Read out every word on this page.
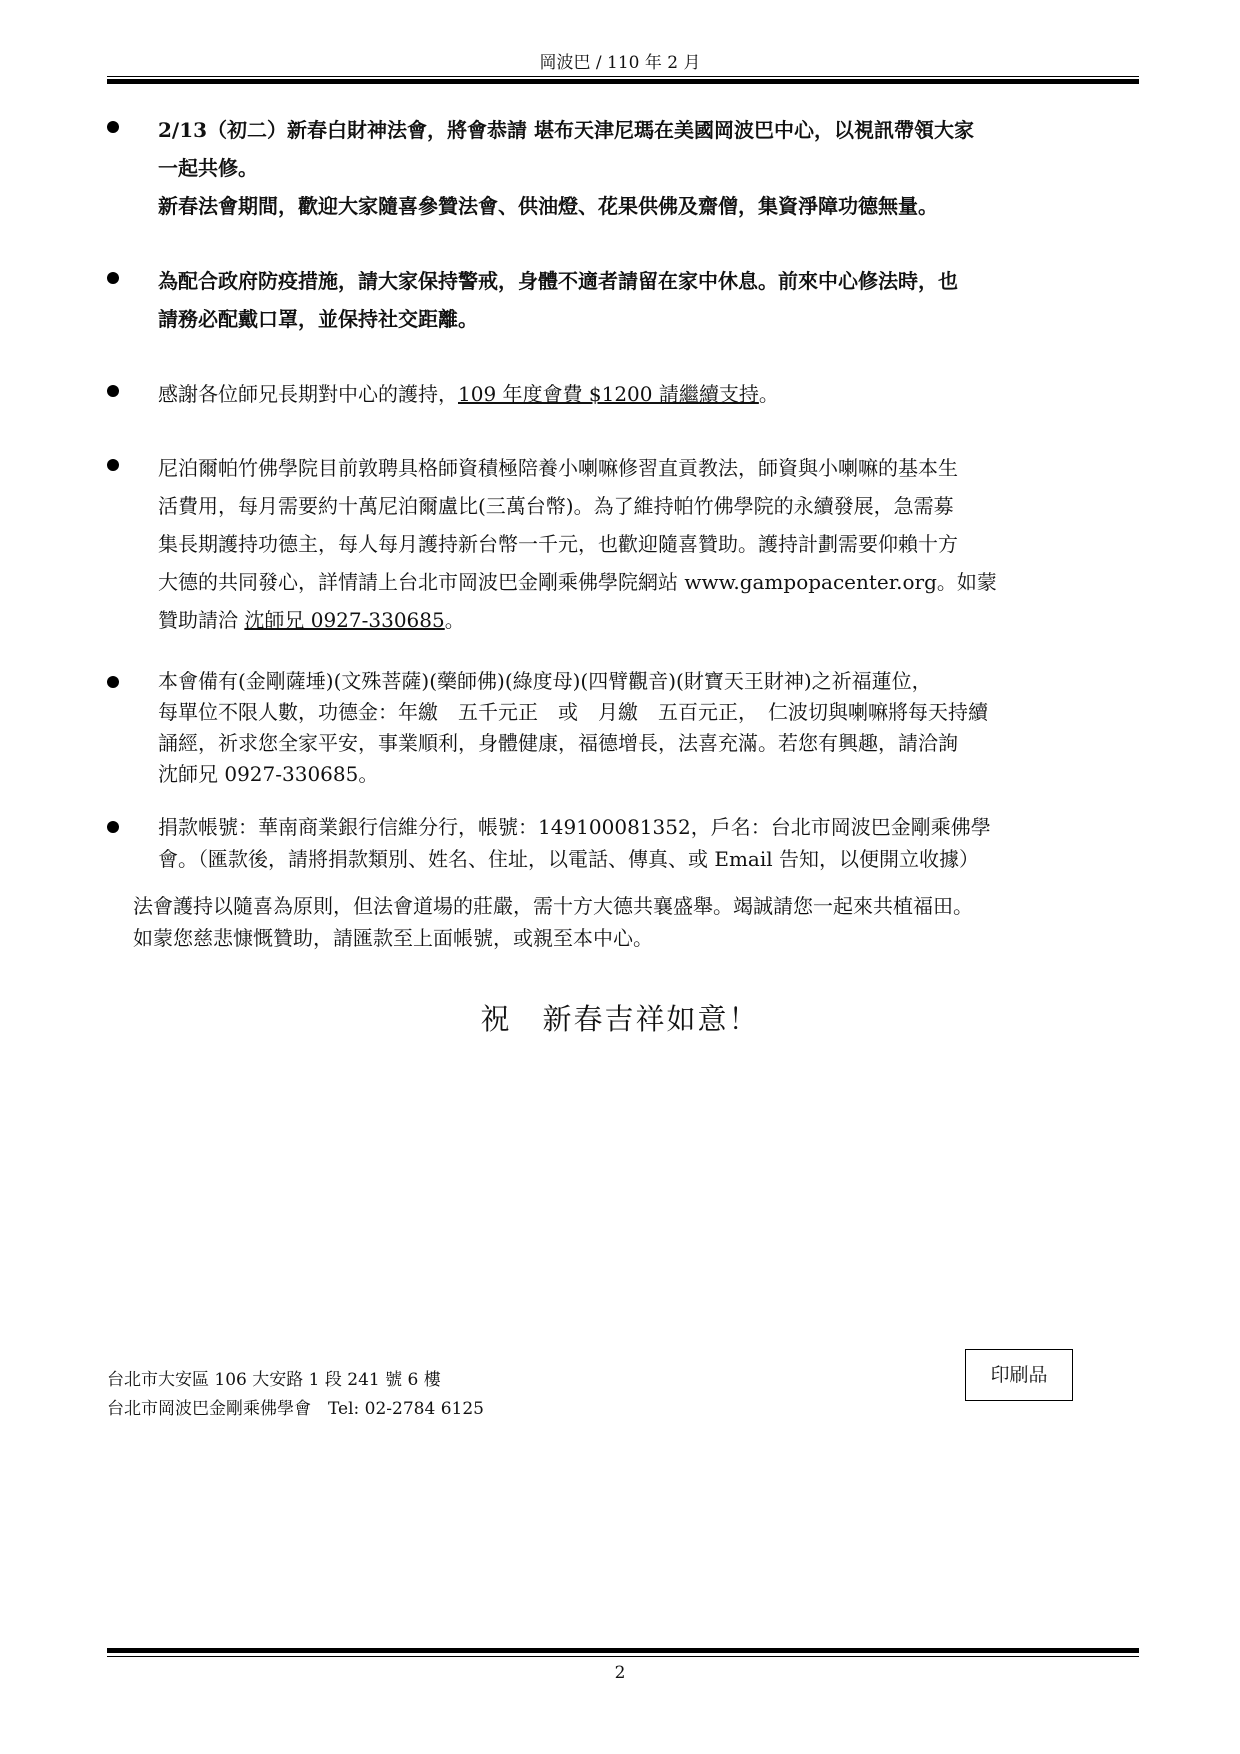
岡波巴 / 110 年 2 月
2/13（初二）新春白財神法會，將會恭請 堪布天津尼瑪在美國岡波巴中心，以視訊帶領大家
一起共修。
新春法會期間，歡迎大家隨喜參贊法會、供油燈、花果供佛及齋僧，集資淨障功德無量。
為配合政府防疫措施，請大家保持警戒，身體不適者請留在家中休息。前來中心修法時，也
請務必配戴口罩，並保持社交距離。
感謝各位師兄長期對中心的護持，109 年度會費 $1200 請繼續支持。
尼泊爾帕竹佛學院目前敦聘具格師資積極陪養小喇嘛修習直貢教法，師資與小喇嘛的基本生
活費用，每月需要約十萬尼泊爾盧比(三萬台幣)。為了維持帕竹佛學院的永續發展，急需募
集長期護持功德主，每人每月護持新台幣一千元，也歡迎隨喜贊助。護持計劃需要仰賴十方
大德的共同發心，詳情請上台北市岡波巴金剛乘佛學院網站 www.gampopacenter.org。如蒙
贊助請洽 沈師兄 0927-330685。
本會備有(金剛薩埵)(文殊菩薩)(藥師佛)(綠度母)(四臂觀音)(財寶天王財神)之祈福蓮位，
每單位不限人數，功德金：年繳　五千元正　或　月繳　五百元正，　仁波切與喇嘛將每天持續
誦經，祈求您全家平安，事業順利，身體健康，福德增長，法喜充滿。若您有興趣，請洽詢
沈師兄 0927-330685。
捐款帳號：華南商業銀行信維分行，帳號：149100081352，戶名：台北市岡波巴金剛乘佛學
會。（匯款後，請將捐款類別、姓名、住址，以電話、傳真、或 Email 告知，以便開立收據）
法會護持以隨喜為原則，但法會道場的莊嚴，需十方大德共襄盛舉。竭誠請您一起來共植福田。
如蒙您慈悲慷慨贊助，請匯款至上面帳號，或親至本中心。
祝　新春吉祥如意！
台北市大安區 106 大安路 1 段 241 號 6 樓
台北市岡波巴金剛乘佛學會　Tel: 02-2784 6125
印刷品
2
